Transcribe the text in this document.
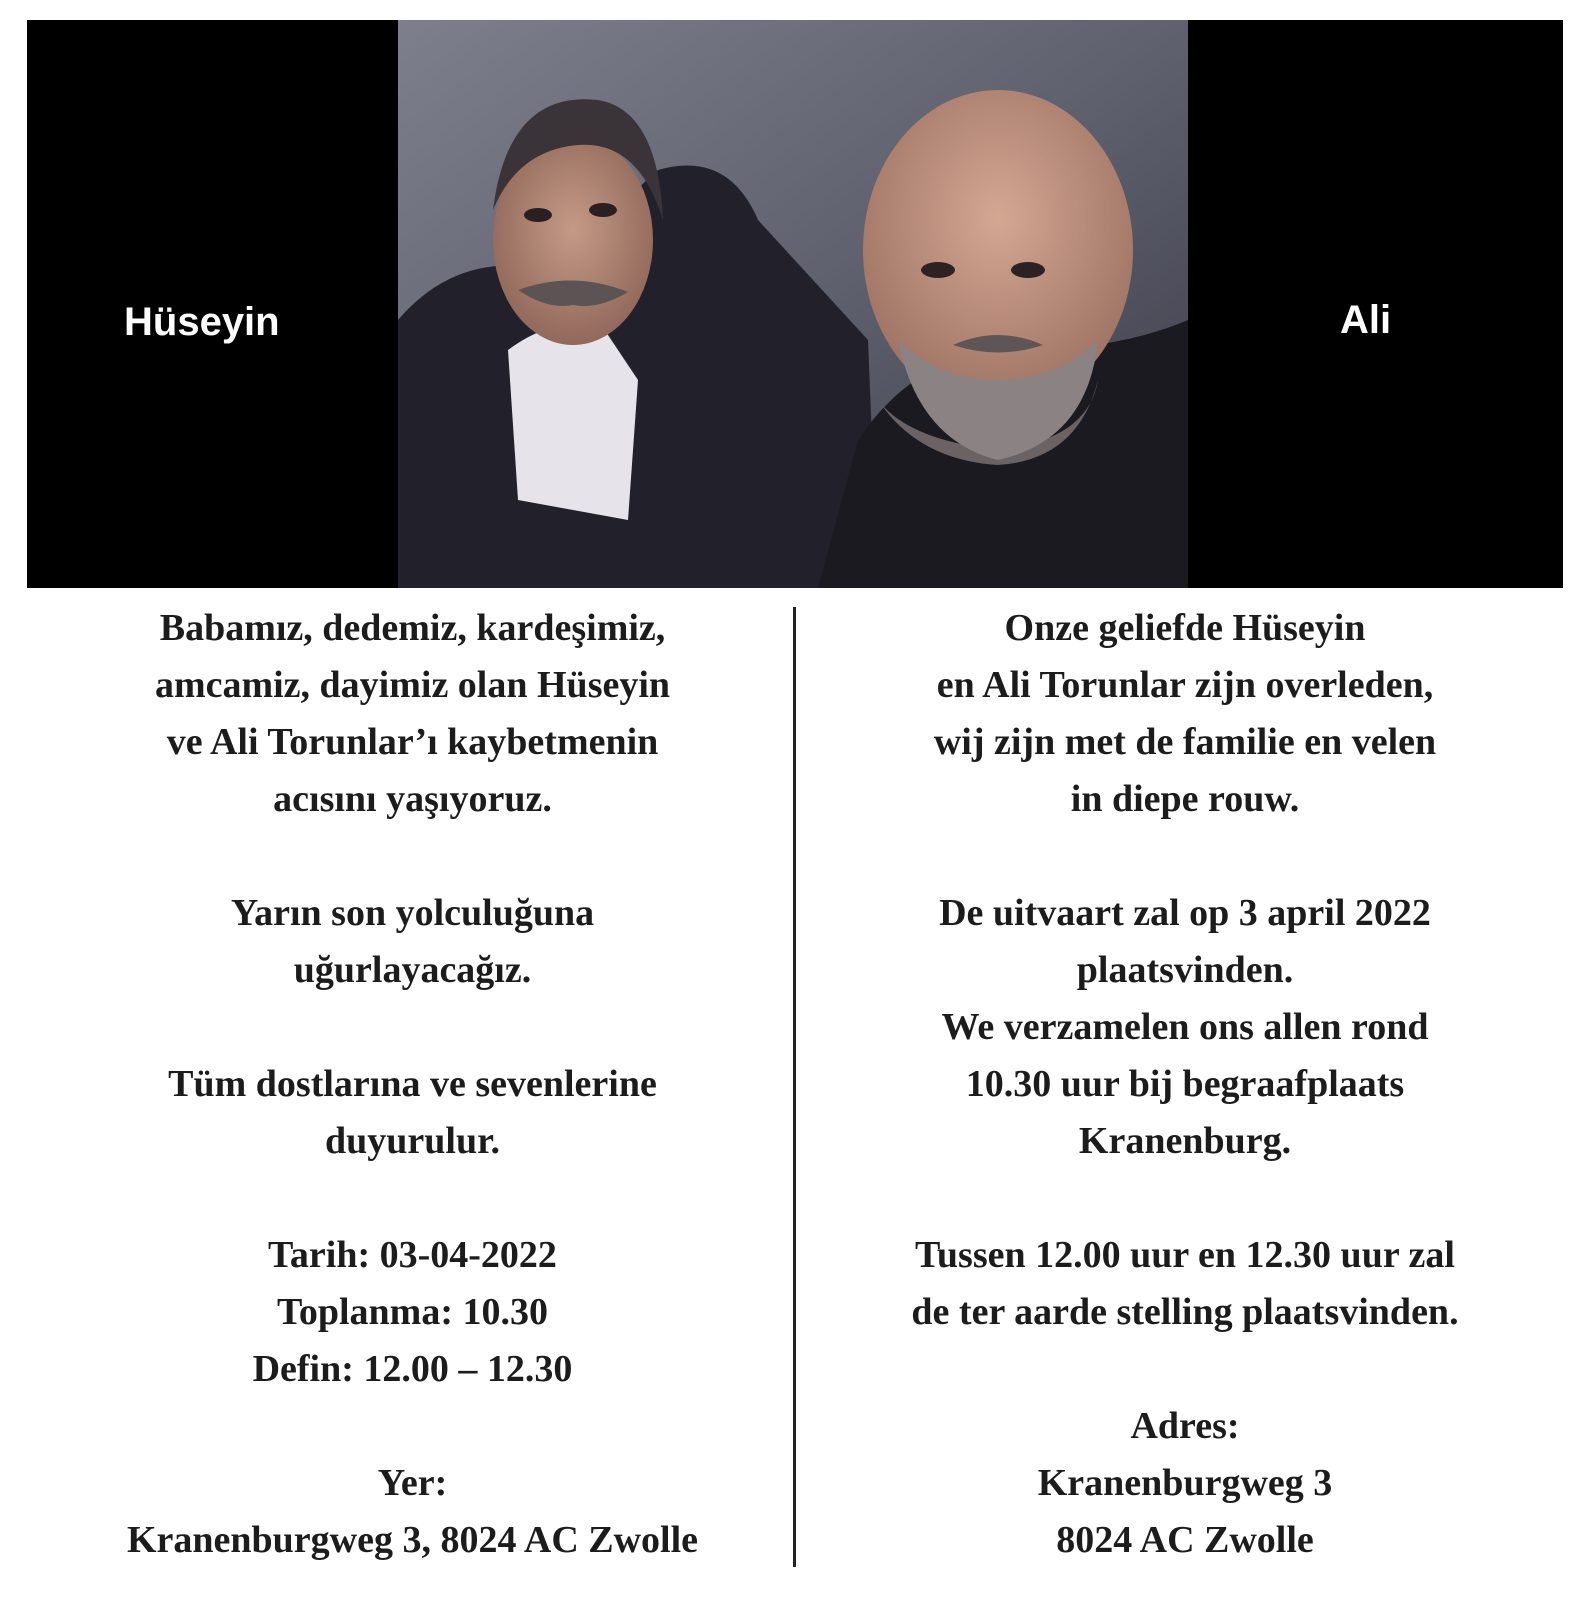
Hüseyin	Ali
Babamız, dedemiz, kardeşimiz,
amcamiz, dayimiz olan Hüseyin
ve Ali Torunlar’ı kaybetmenin
acısını yaşıyoruz.
Yarın son yolculuğuna
uğurlayacağız.
Tüm dostlarına ve sevenlerine
duyurulur.
Tarih: 03-04-2022
Toplanma: 10.30
Defin: 12.00 – 12.30
Yer:
Kranenburgweg 3, 8024 AC Zwolle
Onze geliefde Hüseyin
en Ali Torunlar zijn overleden,
wij zijn met de familie en velen
in diepe rouw.
De uitvaart zal op 3 april 2022
plaatsvinden.
We verzamelen ons allen rond
10.30 uur bij begraafplaats
Kranenburg.
Tussen 12.00 uur en 12.30 uur zal
de ter aarde stelling plaatsvinden.
Adres:
Kranenburgweg 3
8024 AC Zwolle
